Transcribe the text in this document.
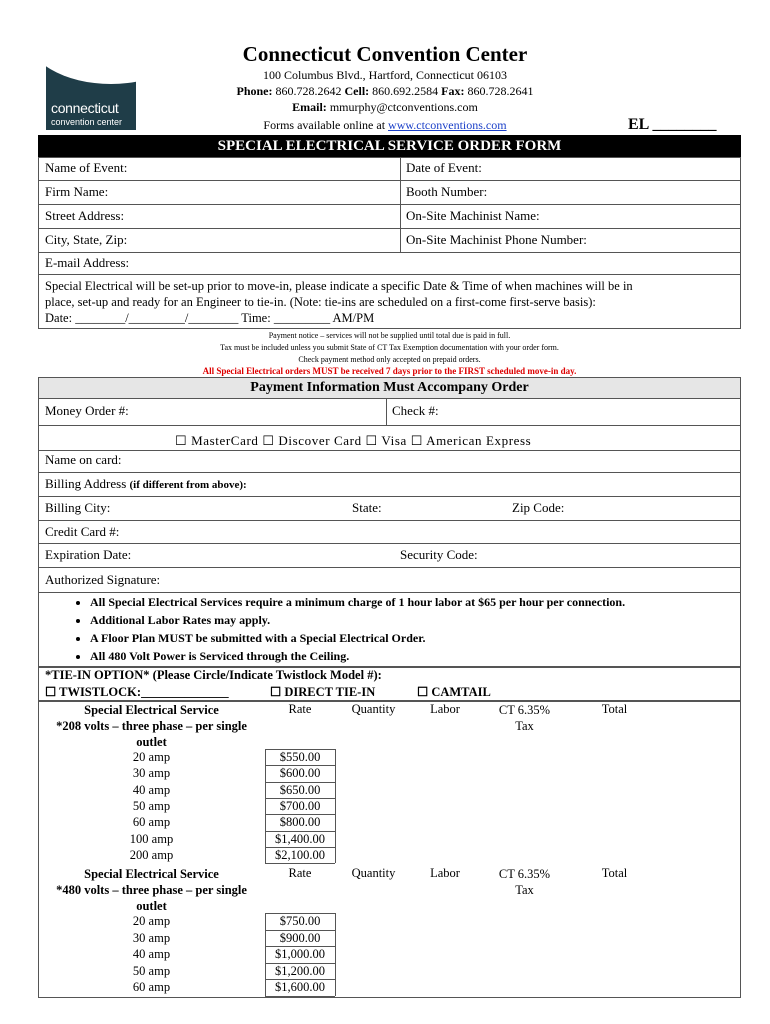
connecticut
convention center
Connecticut Convention Center
100 Columbus Blvd., Hartford, Connecticut 06103
Phone: 860.728.2642 Cell: 860.692.2584 Fax: 860.728.2641
Email: mmurphy@ctconventions.com
Forms available online at www.ctconventions.com	EL ________
SPECIAL ELECTRICAL SERVICE ORDER FORM
Name of Event:	Date of Event:
Firm Name:	Booth Number:
Street Address:	On-Site Machinist Name:
City, State, Zip:	On-Site Machinist Phone Number:
E-mail Address:
Special Electrical will be set-up prior to move-in, please indicate a specific Date & Time of when machines will be in
place, set-up and ready for an Engineer to tie-in. (Note: tie-ins are scheduled on a first-come first-serve basis):
Date: ________/_________/________ Time: _________ AM/PM
Payment notice – services will not be supplied until total due is paid in full.
Tax must be included unless you submit State of CT Tax Exemption documentation with your order form.
Check payment method only accepted on prepaid orders.
All Special Electrical orders MUST be received 7 days prior to the FIRST scheduled move-in day.
Payment Information Must Accompany Order
Money Order #:	Check #:
☐ MasterCard ☐ Discover Card ☐ Visa ☐ American Express
Name on card:
Billing Address (if different from above):
Billing City:	State:	Zip Code:
Credit Card #:
Expiration Date:	Security Code:
Authorized Signature:
• All Special Electrical Services require a minimum charge of 1 hour labor at $65 per hour per connection.
• Additional Labor Rates may apply.
• A Floor Plan MUST be submitted with a Special Electrical Order.
• All 480 Volt Power is Serviced through the Ceiling.
*TIE-IN OPTION* (Please Circle/Indicate Twistlock Model #):
☐ TWISTLOCK:______________	☐ DIRECT TIE-IN	☐ CAMTAIL
Special Electrical Service
*208 volts – three phase – per single
outlet
Rate	Quantity	Labor	CT 6.35%
Tax
Total
20 amp	$550.00
30 amp	$600.00
40 amp	$650.00
50 amp	$700.00
60 amp	$800.00
100 amp	$1,400.00
200 amp	$2,100.00
Special Electrical Service
*480 volts – three phase – per single
outlet
Rate	Quantity	Labor	CT 6.35%
Tax
Total
20 amp	$750.00
30 amp	$900.00
40 amp	$1,000.00
50 amp	$1,200.00
60 amp	$1,600.00
